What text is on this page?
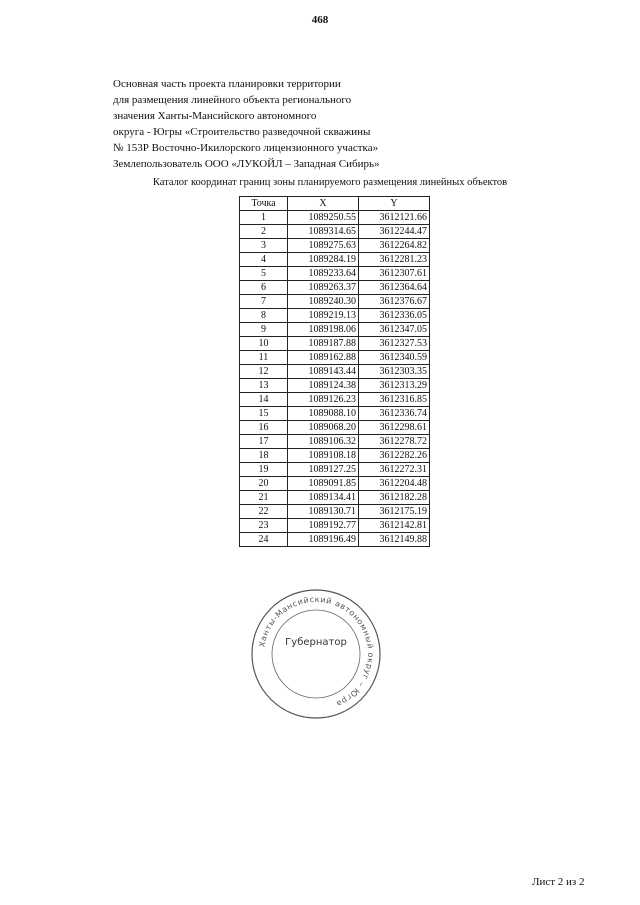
468
Основная часть проекта планировки территории
для размещения линейного объекта регионального
значения Ханты-Мансийского автономного
округа - Югры «Строительство разведочной скважины
№ 153Р Восточно-Икилорского лицензионного участка»
Землепользователь ООО «ЛУКОЙЛ – Западная Сибирь»
Каталог координат границ зоны планируемого размещения линейных объектов
Точка	X	Y
1	1089250.55	3612121.66
2	1089314.65	3612244.47
3	1089275.63	3612264.82
4	1089284.19	3612281.23
5	1089233.64	3612307.61
6	1089263.37	3612364.64
7	1089240.30	3612376.67
8	1089219.13	3612336.05
9	1089198.06	3612347.05
10	1089187.88	3612327.53
11	1089162.88	3612340.59
12	1089143.44	3612303.35
13	1089124.38	3612313.29
14	1089126.23	3612316.85
15	1089088.10	3612336.74
16	1089068.20	3612298.61
17	1089106.32	3612278.72
18	1089108.18	3612282.26
19	1089127.25	3612272.31
20	1089091.85	3612204.48
21	1089134.41	3612182.28
22	1089130.71	3612175.19
23	1089192.77	3612142.81
24	1089196.49	3612149.88
Ханты-Мансийский автономный округ – Югра
Губернатор
Лист 2 из 2
